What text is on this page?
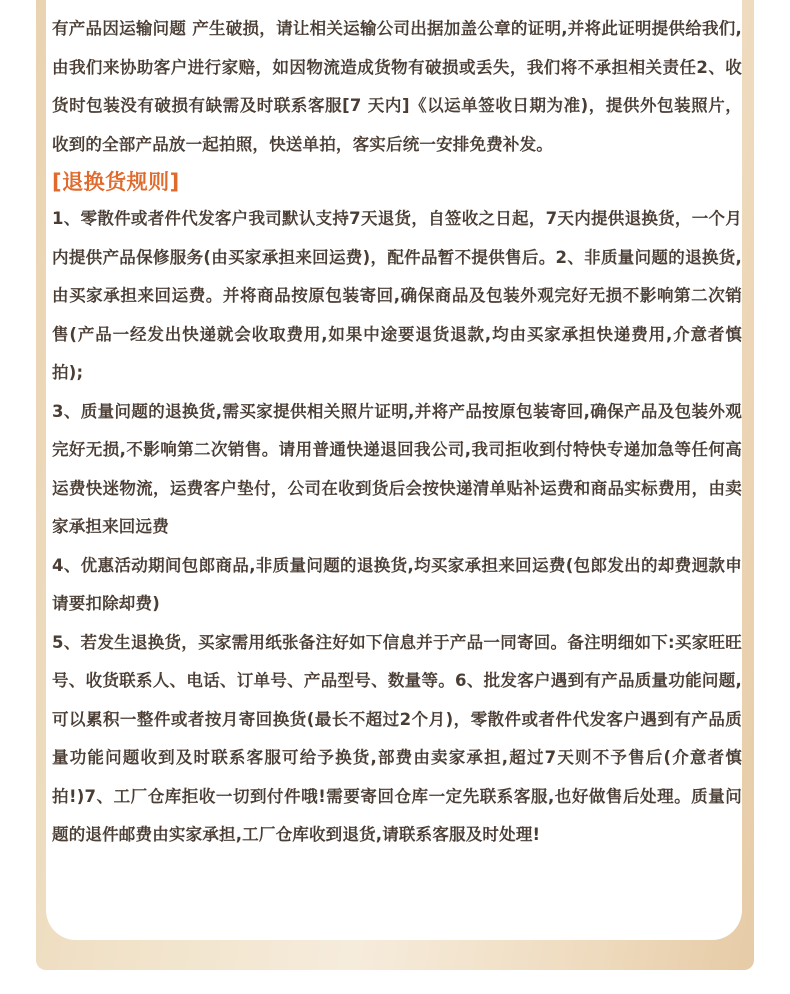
有产品因运输问题 产生破损，请让相关运输公司出据加盖公章的证明,并将此证明提供给我们,由我们来协助客户进行家赔，如因物流造成货物有破损或丢失，我们将不承担相关责任2、收货时包装没有破损有缺需及时联系客服[7 天内]《以运单签收日期为准)，提供外包装照片，收到的全部产品放一起拍照，快送单拍，客实后统一安排免费补发。

[退换货规则]

1、零散件或者件代发客户我司默认支持7天退货，自签收之日起，7天内提供退换货，一个月内提供产品保修服务(由买家承担来回运费)，配件品暂不提供售后。2、非质量问题的退换货,由买家承担来回运费。并将商品按原包装寄回,确保商品及包装外观完好无损不影响第二次销售(产品一经发出快递就会收取费用,如果中途要退货退款,均由买家承担快递费用,介意者慎拍);

3、质量问题的退换货,需买家提供相关照片证明,并将产品按原包装寄回,确保产品及包装外观完好无损,不影响第二次销售。请用普通快递退回我公司,我司拒收到付特快专递加急等任何高运费快迷物流，运费客户垫付，公司在收到货后会按快递清单贴补运费和商品实标费用，由卖家承担来回远费

4、优惠活动期间包郎商品,非质量问题的退换货,均买家承担来回运费(包郎发出的却费迥款申请要扣除却费)

5、若发生退换货，买家需用纸张备注好如下信息并于产品一同寄回。备注明细如下:买家旺旺号、收货联系人、电话、订单号、产品型号、数量等。6、批发客户遇到有产品质量功能问题,可以累积一整件或者按月寄回换货(最长不超过2个月)，零散件或者件代发客户遇到有产品质量功能问题收到及时联系客服可给予换货,部费由卖家承担,超过7天则不予售后(介意者慎拍!)7、工厂仓库拒收一切到付件哦!需要寄回仓库一定先联系客服,也好做售后处理。质量问题的退件邮费由实家承担,工厂仓库收到退货,请联系客服及时处理!
